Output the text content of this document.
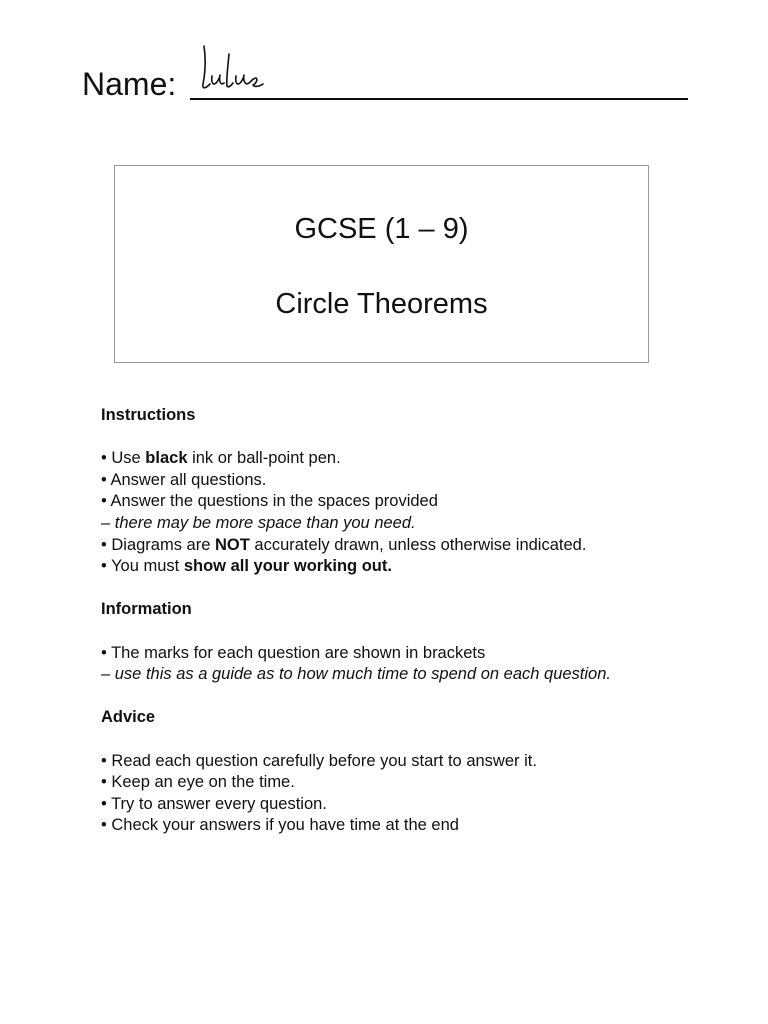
Name:
GCSE (1 – 9)
Circle Theorems

Instructions

• Use black ink or ball-point pen.

• Answer all questions.

• Answer the questions in the spaces provided

– there may be more space than you need.

• Diagrams are NOT accurately drawn, unless otherwise indicated.

• You must show all your working out.

Information

• The marks for each question are shown in brackets

– use this as a guide as to how much time to spend on each question.

Advice

• Read each question carefully before you start to answer it.

• Keep an eye on the time.

• Try to answer every question.

• Check your answers if you have time at the end
